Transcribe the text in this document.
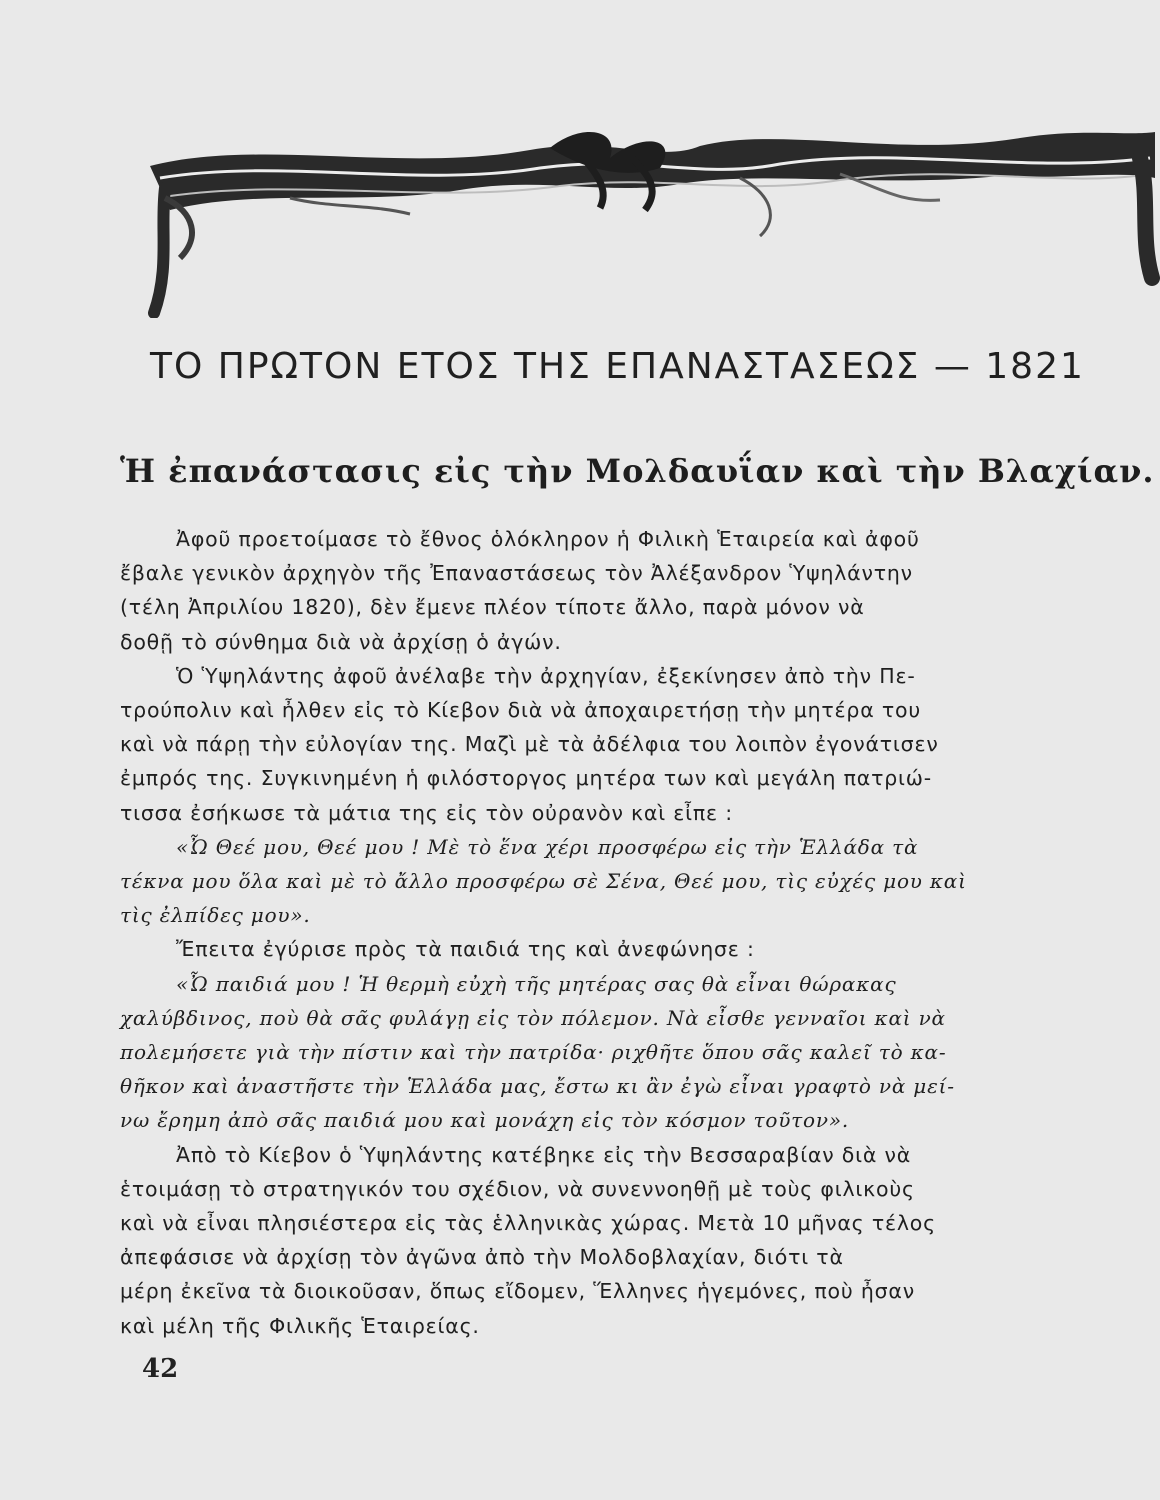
ΤΟ ΠΡΩΤΟΝ ΕΤΟΣ ΤΗΣ ΕΠΑΝΑΣΤΑΣΕΩΣ — 1821
Ἡ ἐπανάστασις εἰς τὴν Μολδαυΐαν καὶ τὴν Βλαχίαν.
Ἀφοῦ προετοίμασε τὸ ἔθνος ὁλόκληρον ἡ Φιλικὴ Ἑταιρεία καὶ ἀφοῦ
ἔβαλε γενικὸν ἀρχηγὸν τῆς Ἐπαναστάσεως τὸν Ἀλέξανδρον Ὑψηλάντην
(τέλη Ἀπριλίου 1820), δὲν ἔμενε πλέον τίποτε ἄλλο, παρὰ μόνον νὰ
δοθῇ τὸ σύνθημα διὰ νὰ ἀρχίσῃ ὁ ἀγών.
Ὁ Ὑψηλάντης ἀφοῦ ἀνέλαβε τὴν ἀρχηγίαν, ἐξεκίνησεν ἀπὸ τὴν Πε-
τρούπολιν καὶ ἦλθεν εἰς τὸ Κίεβον διὰ νὰ ἀποχαιρετήσῃ τὴν μητέρα του
καὶ νὰ πάρῃ τὴν εὐλογίαν της. Μαζὶ μὲ τὰ ἀδέλφια του λοιπὸν ἐγονάτισεν
ἐμπρός της. Συγκινημένη ἡ φιλόστοργος μητέρα των καὶ μεγάλη πατριώ-
τισσα ἐσήκωσε τὰ μάτια της εἰς τὸν οὐρανὸν καὶ εἶπε :
«Ὦ Θεέ μου, Θεέ μου ! Μὲ τὸ ἕνα χέρι προσφέρω εἰς τὴν Ἑλλάδα τὰ
τέκνα μου ὅλα καὶ μὲ τὸ ἄλλο προσφέρω σὲ Σένα, Θεέ μου, τὶς εὐχές μου καὶ
τὶς ἐλπίδες μου».
Ἔπειτα ἐγύρισε πρὸς τὰ παιδιά της καὶ ἀνεφώνησε :
«Ὦ παιδιά μου ! Ἡ θερμὴ εὐχὴ τῆς μητέρας σας θὰ εἶναι θώρακας
χαλύβδινος, ποὺ θὰ σᾶς φυλάγῃ εἰς τὸν πόλεμον. Νὰ εἶσθε γενναῖοι καὶ νὰ
πολεμήσετε γιὰ τὴν πίστιν καὶ τὴν πατρίδα· ριχθῆτε ὅπου σᾶς καλεῖ τὸ κα-
θῆκον καὶ ἀναστῆστε τὴν Ἑλλάδα μας, ἔστω κι ἂν ἐγὼ εἶναι γραφτὸ νὰ μεί-
νω ἔρημη ἀπὸ σᾶς παιδιά μου καὶ μονάχη εἰς τὸν κόσμον τοῦτον».
Ἀπὸ τὸ Κίεβον ὁ Ὑψηλάντης κατέβηκε εἰς τὴν Βεσσαραβίαν διὰ νὰ
ἑτοιμάσῃ τὸ στρατηγικόν του σχέδιον, νὰ συνεννοηθῇ μὲ τοὺς φιλικοὺς
καὶ νὰ εἶναι πλησιέστερα εἰς τὰς ἑλληνικὰς χώρας. Μετὰ 10 μῆνας τέλος
ἀπεφάσισε νὰ ἀρχίσῃ τὸν ἀγῶνα ἀπὸ τὴν Μολδοβλαχίαν, διότι τὰ
μέρη ἐκεῖνα τὰ διοικοῦσαν, ὅπως εἴδομεν, Ἕλληνες ἡγεμόνες, ποὺ ἦσαν
καὶ μέλη τῆς Φιλικῆς Ἑταιρείας.
42
